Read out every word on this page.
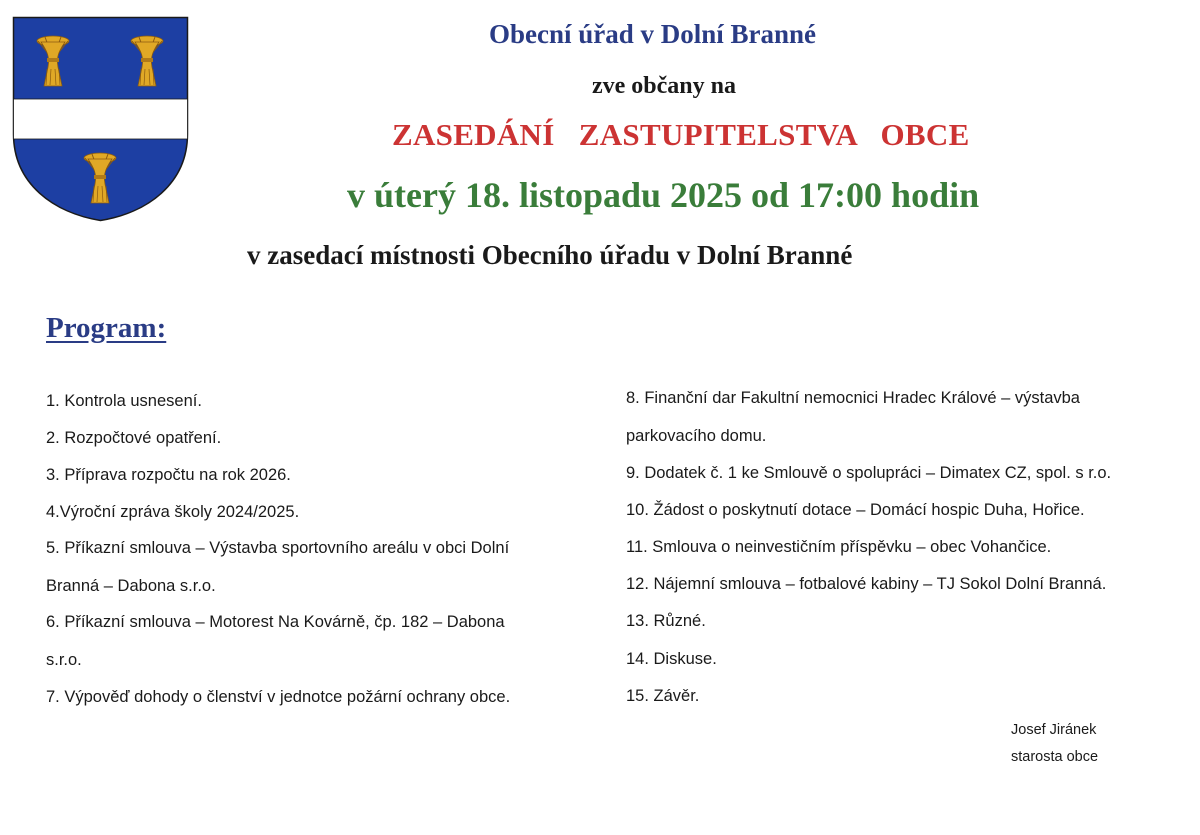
Obecní úřad v Dolní Branné
zve občany na
ZASEDÁNÍ   ZASTUPITELSTVA   OBCE
v úterý 18. listopadu 2025 od 17:00 hodin
v zasedací místnosti Obecního úřadu v Dolní Branné
Program:
1. Kontrola usnesení.
2. Rozpočtové opatření.
3. Příprava rozpočtu na rok 2026.
4.Výroční zpráva školy 2024/2025.
5. Příkazní smlouva – Výstavba sportovního areálu v obci Dolní
Branná – Dabona s.r.o.
6. Příkazní smlouva – Motorest Na Kovárně, čp. 182 – Dabona
s.r.o.
7. Výpověď dohody o členství v jednotce požární ochrany obce.
8. Finanční dar Fakultní nemocnici Hradec Králové – výstavba
parkovacího domu.
9. Dodatek č. 1 ke Smlouvě o spolupráci – Dimatex CZ, spol. s r.o.
10. Žádost o poskytnutí dotace – Domácí hospic Duha, Hořice.
11. Smlouva o neinvestičním příspěvku – obec Vohančice.
12. Nájemní smlouva – fotbalové kabiny – TJ Sokol Dolní Branná.
13. Různé.
14. Diskuse.
15. Závěr.
Josef Jiránek
starosta obce
